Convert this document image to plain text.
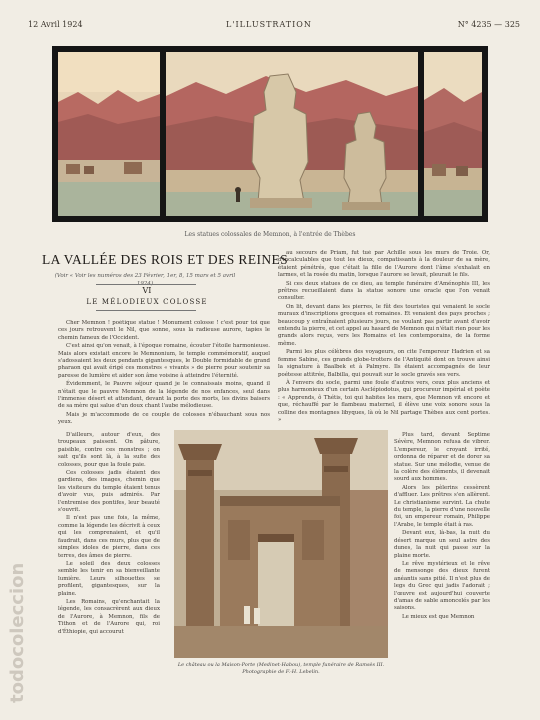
12 Avril 1924	L'ILLUSTRATION	N° 4235 — 325
Les statues colossales de Memnon, à l'entrée de Thèbes
LA VALLÉE DES ROIS ET DES REINES
(Voir « Voir les numéros des 23 Février, 1er, 8, 15 mars et 5 avril
VI
LE MÉLODIEUX COLOSSE

Cher Memnon ! poétique statue ! Monument colosse ! c'est pour toi que ces jours retrouvent le Nil, que sonne, sous la radieuse aurore, tapies le chemin fameux de l'Occident.

C'est ainsi qu'on venait, à l'époque romaine, écouter l'étoile harmonieuse. Mais alors existait encore le Memnonium, le temple commémoratif, auquel s'adossaient les deux pendants gigantesques, le Double formidable de grand pharaon qui avait érigé ces monstres « vivants » de pierre pour soutenir sa paresse de lumière et aider son âme voisine à atteindre l'éternité.

Évidemment, le Pauvre séjour quand je le connaissais moins, quand il n'était que le pauvre Memnon de la légende de nos enfances, seul dans l'immense désert et attendant, devant la porte des morts, les divins baisers de sa mère qui salue d'un doux chant l'aube mélodieuse.

Mais je m'accommode de ce couple de colosses n'ébauchant sous nos yeux.

au secours de Priam, fut tué par Achille sous les murs de Troie. Or, d'incalculables que tout les dieux, compatissants à la douleur de sa mère, étaient pénétrés, que c'était la fille de l'Aurore dont l'âme s'exhalait en larmes, et la rosée du matin, lorsque l'aurore se levait, pleurait le fils.

Si ces deux statues de ce dieu, au temple funéraire d'Aménophis III, les prêtres recueillaient dans la statue sonore une oracle que l'on venait consulter.

On lit, devant dans les pierres, le fût des touristes qui venaient le socle muraux d'inscriptions grecques et romaines. Et venaient des pays proches ; beaucoup y entraînaient plusieurs jours, ne voulant pas partir avant d'avoir entendu la pierre, et cet appel au hasard de Memnon qui n'était rien pour les grands alors reçus, vers les Romains et les contemporains, de la forme même.

Parmi les plus célèbres des voyageurs, on cite l'empereur Hadrien et sa femme Sabine, ces grands globe-trotters de l'Antiquité dont on trouve ainsi la signature à Baalbek et à Palmyre. Ils étaient accompagnés de leur poétesse attitrée, Balbilla, qui pouvait sur le socle gravés ses vers.

À l'envers du socle, parmi une foule d'autres vers, ceux plus anciens et plus harmonieux d'un certain Asclépiodotus, qui procureur impérial et poète : « Apprends, ô Thétis, toi qui habites les mers, que Memnon vit encore et que, réchauffé par le flambeau maternel, il élève une voix sonore sous la colline des montagnes libyques, là où le Nil partage Thèbes aux cent portes. »

D'ailleurs, autour d'eux, des troupeaux paissent. On pâture, paisible, contre ces monstres ; on sait qu'ils sont là, à la suite des colosses, pour que la foule paie.

Ces colosses jadis étaient des gardiens, des images, chemin que les visiteurs du temple étaient tenus d'avoir vus, puis admirés. Par l'entremise des pontifes, leur beauté s'ouvrit.

Il n'est pas une fois, la même, comme la légende les décrivit à ceux qui les comprenaient, et qu'il faudrait, dans ces murs, plus que de simples idoles de pierre, dans ces terres, des âmes de pierre.

Le soleil des deux colosses semble les tenir en sa bienveillante lumière. Leurs silhouettes se profilent, gigantesques, sur la plaine.

Les Romains, qu'enchantait la légende, les consacrèrent aux dieux de l'Aurore, à Memnon, fils de Tithon et de l'Aurore qui, roi d'Éthiopie, qui accourut

Le château ou la Maison-Porte (Medinet-Habou), temple funéraire de Ramsès III. Photographie de F.-H. Lebelin.

Plus tard, devant Septime Sévère, Memnon refusa de vibrer. L'empereur, le croyant irrité, ordonna de réparer et de dorer sa statue. Sur une mélodie, venue de la colère des éléments, il devenait sourd aux hommes.

Alors les pèlerins cessèrent d'affluer. Les prêtres s'en allèrent. Le christianisme survint. La chute du temple, la pierre d'une nouvelle foi, un empereur romain, Philippe l'Arabe, le temple était à ras.

Devant eux, là-bas, la nuit du désert marque un seul astre des dunes, la nuit qui passe sur la plaine morte.

Le rêve mystérieux et le rêve de mensonge des dieux furent anéantis sans pitié. Il n'est plus de legs du Grec qui jadis l'adorait ; l'œuvre est aujourd'hui couverte d'amas de sable amoncelés par les saisons.

Le mieux est que Memnon

todocoleccion
